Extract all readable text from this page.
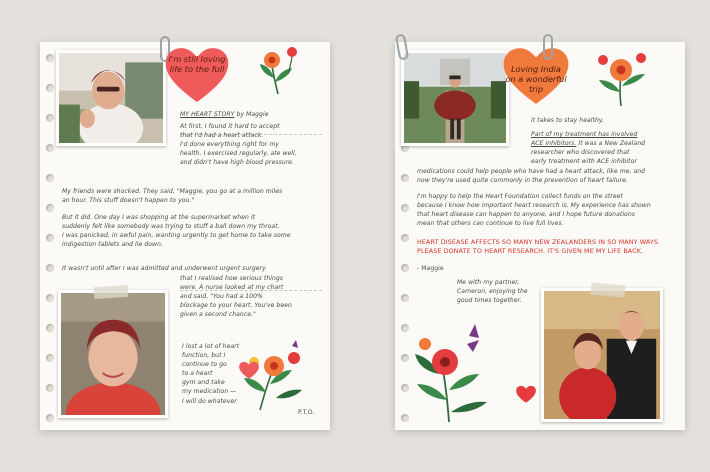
I'm still loving life to the full
MY HEART STORY by Maggie
At first, I found it hard to accept
that I'd had a heart attack.
I'd done everything right for my
health. I exercised regularly, ate well,
and didn't have high blood pressure.
My friends were shocked. They said, "Maggie, you go at a million miles
an hour. This stuff doesn't happen to you."
But it did. One day I was shopping at the supermarket when it
suddenly felt like somebody was trying to stuff a ball down my throat.
I was panicked, in awful pain, wanting urgently to get home to take some
indigestion tablets and lie down.
It wasn't until after I was admitted and underwent urgent surgery
that I realised how serious things
were. A nurse looked at my chart
and said, "You had a 100%
blockage to your heart. You've been
given a second chance."
I lost a lot of heart
function, but I
continue to go
to a heart
gym and take
my medication —
I will do whatever
P.T.O.
Loving India on a wonderful trip
it takes to stay healthy.
Part of my treatment has involved
ACE inhibitors. It was a New Zealand
researcher who discovered that
early treatment with ACE inhibitor
medications could help people who have had a heart attack, like me, and
now they're used quite commonly in the prevention of heart failure.
I'm happy to help the Heart Foundation collect funds on the street
because I know how important heart research is. My experience has shown
that heart disease can happen to anyone, and I hope future donations
mean that others can continue to live full lives.
HEART DISEASE AFFECTS SO MANY NEW ZEALANDERS IN SO MANY WAYS.
PLEASE DONATE TO HEART RESEARCH. IT'S GIVEN ME MY LIFE BACK.
- Maggie
Me with my partner,
Cameron, enjoying the
good times together.
